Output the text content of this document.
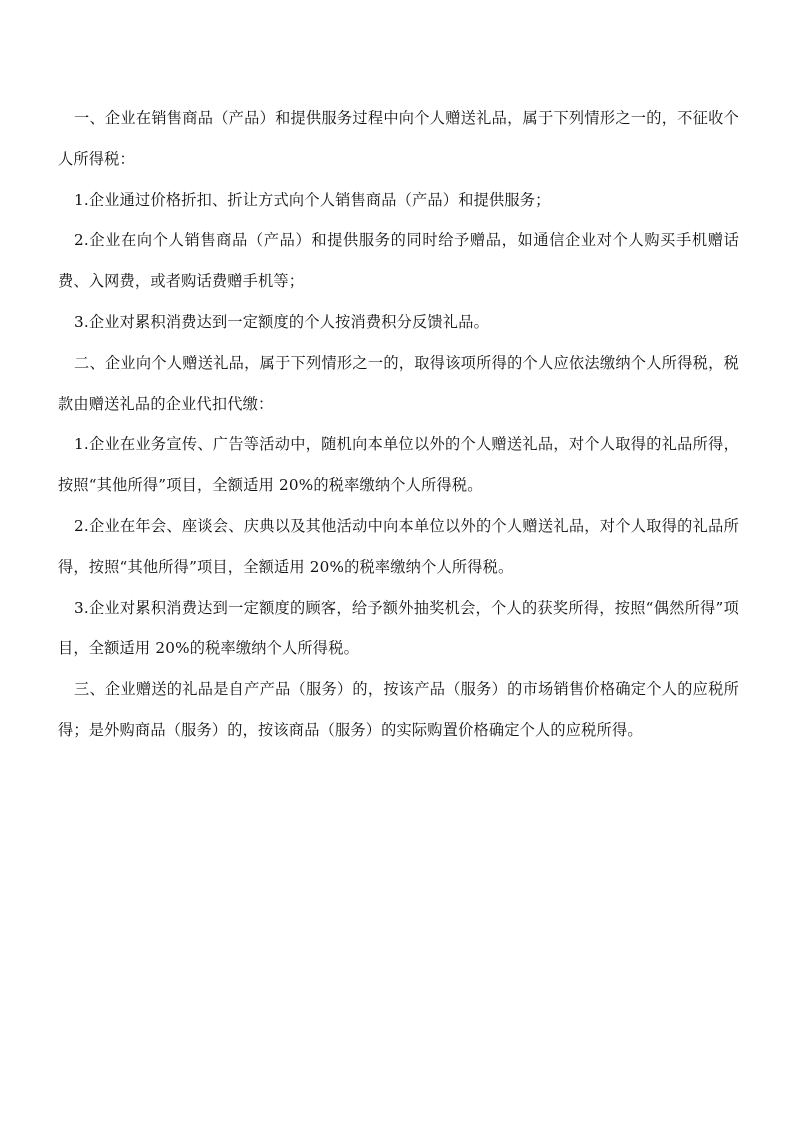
一、企业在销售商品（产品）和提供服务过程中向个人赠送礼品，属于下列情形之一的，不征收个人所得税：

1.企业通过价格折扣、折让方式向个人销售商品（产品）和提供服务；

2.企业在向个人销售商品（产品）和提供服务的同时给予赠品，如通信企业对个人购买手机赠话费、入网费，或者购话费赠手机等；

3.企业对累积消费达到一定额度的个人按消费积分反馈礼品。

二、企业向个人赠送礼品，属于下列情形之一的，取得该项所得的个人应依法缴纳个人所得税，税款由赠送礼品的企业代扣代缴：

1.企业在业务宣传、广告等活动中，随机向本单位以外的个人赠送礼品，对个人取得的礼品所得，按照“其他所得”项目，全额适用 20%的税率缴纳个人所得税。

2.企业在年会、座谈会、庆典以及其他活动中向本单位以外的个人赠送礼品，对个人取得的礼品所得，按照“其他所得”项目，全额适用 20%的税率缴纳个人所得税。

3.企业对累积消费达到一定额度的顾客，给予额外抽奖机会，个人的获奖所得，按照“偶然所得”项目，全额适用 20%的税率缴纳个人所得税。

三、企业赠送的礼品是自产产品（服务）的，按该产品（服务）的市场销售价格确定个人的应税所得；是外购商品（服务）的，按该商品（服务）的实际购置价格确定个人的应税所得。
